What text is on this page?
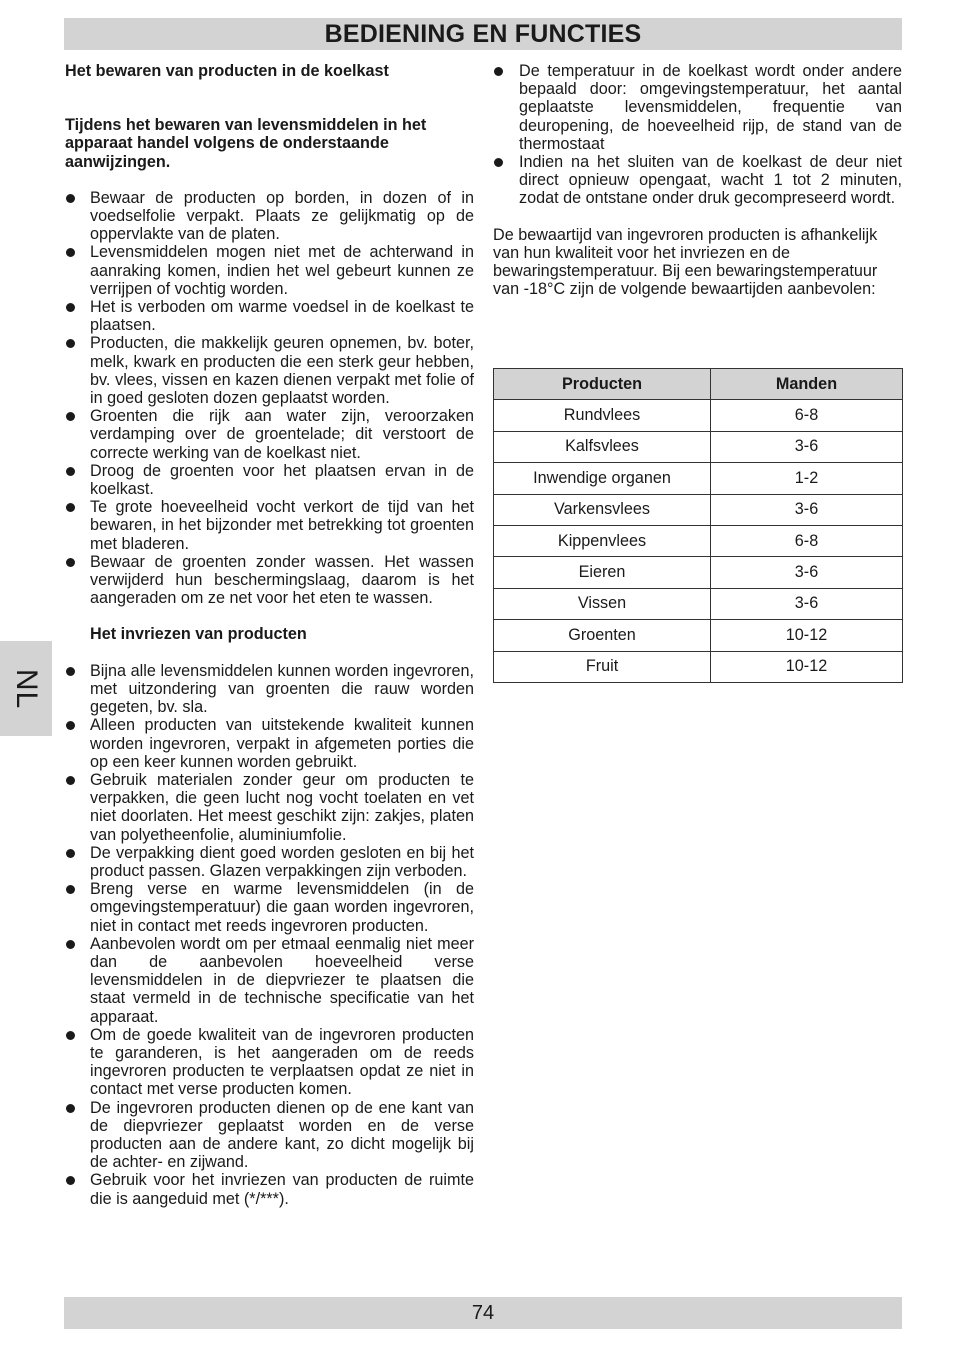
BEDIENING EN FUNCTIES
NL
Het bewaren van producten in de koelkast
Tijdens het bewaren van levensmiddelen in het apparaat handel volgens de onderstaande aanwijzingen.
Bewaar de producten op borden, in dozen of in voedselfolie verpakt. Plaats ze gelijkmatig op de oppervlakte van de platen.
Levensmiddelen mogen niet met de achterwand in aanraking komen, indien het wel gebeurt kunnen ze verrijpen of vochtig worden.
Het is verboden om warme voedsel in de koelkast te plaatsen.
Producten, die makkelijk geuren opnemen, bv. boter, melk, kwark en producten die een sterk geur hebben, bv. vlees, vissen en kazen dienen verpakt met folie of in goed gesloten dozen geplaatst worden.
Groenten die rijk aan water zijn, veroorzaken verdamping over de groentelade; dit verstoort de correcte werking van de koelkast niet.
Droog de groenten voor het plaatsen ervan in de koelkast.
Te grote hoeveelheid vocht verkort de tijd van het bewaren, in het bijzonder met betrekking tot groenten met bladeren.
Bewaar de groenten zonder wassen. Het wassen verwijderd hun beschermingslaag, daarom is het aangeraden om ze net voor het eten te wassen.
Het invriezen van producten
Bijna alle levensmiddelen kunnen worden ingevroren, met uitzondering van groenten die rauw worden gegeten, bv. sla.
Alleen producten van uitstekende kwaliteit kunnen worden ingevroren, verpakt in afgemeten porties die op een keer kunnen worden gebruikt.
Gebruik materialen zonder geur om producten te verpakken, die geen lucht nog vocht toelaten en vet niet doorlaten. Het meest geschikt zijn: zakjes, platen van polyetheenfolie, aluminiumfolie.
De verpakking dient goed worden gesloten en bij het product passen. Glazen verpakkingen zijn verboden.
Breng verse en warme levensmiddelen (in de omgevingstemperatuur) die gaan worden ingevroren, niet in contact met reeds ingevroren producten.
Aanbevolen wordt om per etmaal eenmalig niet meer dan de aanbevolen hoeveelheid verse levensmiddelen in de diepvriezer te plaatsen die staat vermeld in de technische specificatie van het apparaat.
Om de goede kwaliteit van de ingevroren producten te garanderen, is het aangeraden om de reeds ingevroren producten te verplaatsen opdat ze niet in contact met verse producten komen.
De ingevroren producten dienen op de ene kant van de diepvriezer geplaatst worden en de verse producten aan de andere kant, zo dicht mogelijk bij de achter- en zijwand.
Gebruik voor het invriezen van producten de ruimte die is aangeduid met (*/***).
De temperatuur in de koelkast wordt onder andere bepaald door: omgevingstemperatuur, het aantal geplaatste levensmiddelen, frequentie van deuropening, de hoeveelheid rijp, de stand van de thermostaat
Indien na het sluiten van de koelkast de deur niet direct opnieuw opengaat, wacht 1 tot 2 minuten, zodat de ontstane onder druk gecompreseerd wordt.
De bewaartijd van ingevroren producten is afhankelijk van hun kwaliteit voor het invriezen en de bewaringstemperatuur. Bij een bewaringstemperatuur van -18°C zijn de volgende bewaartijden aanbevolen:
Producten	Manden
Rundvlees	6-8
Kalfsvlees	3-6
Inwendige organen	1-2
Varkensvlees	3-6
Kippenvlees	6-8
Eieren	3-6
Vissen	3-6
Groenten	10-12
Fruit	10-12
74
